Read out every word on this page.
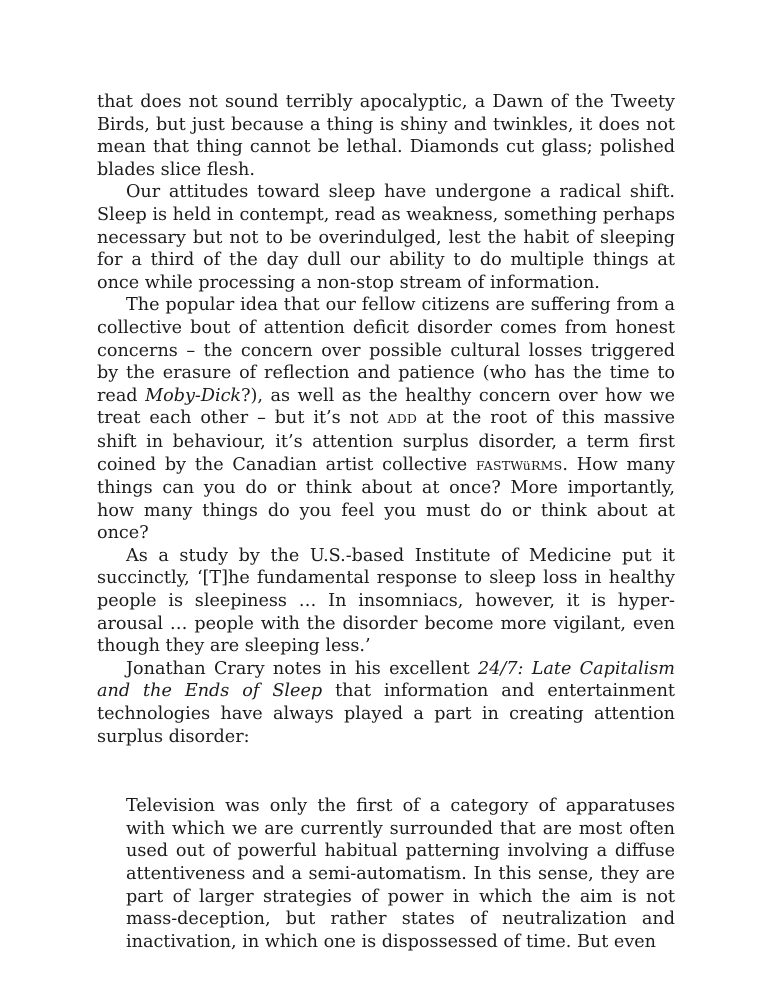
that does not sound terribly apocalyptic, a Dawn of the Tweety Birds, but just because a thing is shiny and twinkles, it does not mean that thing cannot be lethal. Diamonds cut glass; polished blades slice flesh.

Our attitudes toward sleep have undergone a radical shift. Sleep is held in contempt, read as weakness, something perhaps necessary but not to be overindulged, lest the habit of sleeping for a third of the day dull our ability to do multiple things at once while processing a non-stop stream of information.

The popular idea that our fellow citizens are suffering from a collective bout of attention deficit disorder comes from honest concerns – the concern over possible cultural losses triggered by the erasure of reflection and patience (who has the time to read Moby-Dick?), as well as the healthy concern over how we treat each other – but it’s not ADD at the root of this massive shift in behaviour, it’s attention surplus disorder, a term first coined by the Canadian artist collective FASTWüRMS. How many things can you do or think about at once? More importantly, how many things do you feel you must do or think about at once?

As a study by the U.S.-based Institute of Medicine put it succinctly, ‘[T]he fundamental response to sleep loss in healthy people is sleepiness … In insomniacs, however, it is hyper-arousal … people with the disorder become more vigilant, even though they are sleeping less.’

Jonathan Crary notes in his excellent 24/7: Late Capitalism and the Ends of Sleep that information and entertainment technologies have always played a part in creating attention surplus disorder:

Television was only the first of a category of apparatuses with which we are currently surrounded that are most often used out of powerful habitual patterning involving a diffuse attentiveness and a semi-automatism. In this sense, they are part of larger strategies of power in which the aim is not mass-deception, but rather states of neutralization and inactivation, in which one is dispossessed of time. But even
